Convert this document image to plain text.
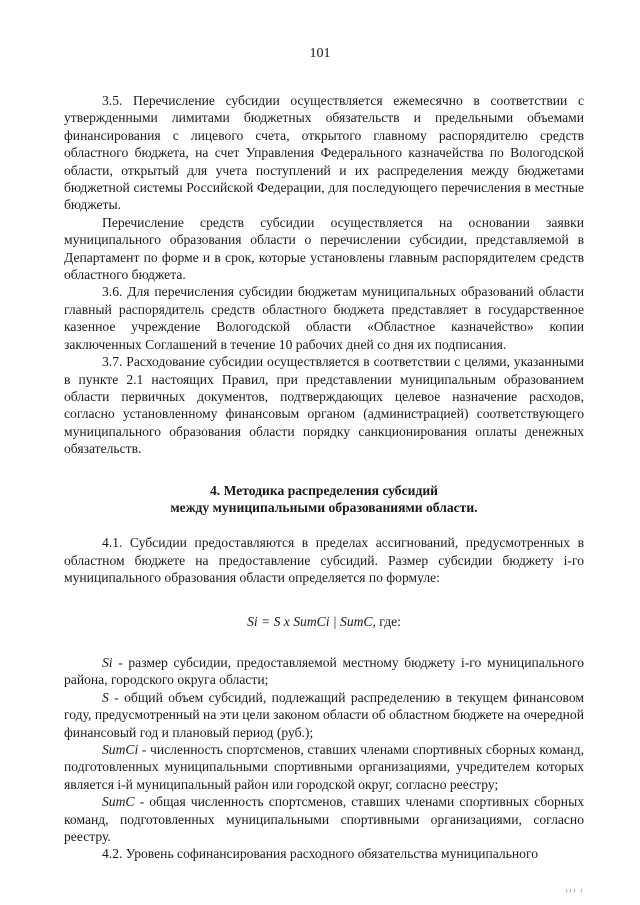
101

3.5. Перечисление субсидии осуществляется ежемесячно в соответствии с утвержденными лимитами бюджетных обязательств и предельными объемами финансирования с лицевого счета, открытого главному распорядителю средств областного бюджета, на счет Управления Федерального казначейства по Вологодской области, открытый для учета поступлений и их распределения между бюджетами бюджетной системы Российской Федерации, для последующего перечисления в местные бюджеты.

Перечисление средств субсидии осуществляется на основании заявки муниципального образования области о перечислении субсидии, представляемой в Департамент по форме и в срок, которые установлены главным распорядителем средств областного бюджета.

3.6. Для перечисления субсидии бюджетам муниципальных образований области главный распорядитель средств областного бюджета представляет в государственное казенное учреждение Вологодской области «Областное казначейство» копии заключенных Соглашений в течение 10 рабочих дней со дня их подписания.

3.7. Расходование субсидии осуществляется в соответствии с целями, указанными в пункте 2.1 настоящих Правил, при представлении муниципальным образованием области первичных документов, подтверждающих целевое назначение расходов, согласно установленному финансовым органом (администрацией) соответствующего муниципального образования области порядку санкционирования оплаты денежных обязательств.

4. Методика распределения субсидий
между муниципальными образованиями области.

4.1. Субсидии предоставляются в пределах ассигнований, предусмотренных в областном бюджете на предоставление субсидий. Размер субсидии бюджету i-го муниципального образования области определяется по формуле:

Si = S x SumCi | SumC, где:

Si - размер субсидии, предоставляемой местному бюджету i-го муниципального района, городского округа области;

S - общий объем субсидий, подлежащий распределению в текущем финансовом году, предусмотренный на эти цели законом области об областном бюджете на очередной финансовый год и плановый период (руб.);

SumCi - численность спортсменов, ставших членами спортивных сборных команд, подготовленных муниципальными спортивными организациями, учредителем которых является i-й муниципальный район или городской округ, согласно реестру;

SumC - общая численность спортсменов, ставших членами спортивных сборных команд, подготовленных муниципальными спортивными организациями, согласно реестру.

4.2. Уровень софинансирования расходного обязательства муниципального

ııı ı
